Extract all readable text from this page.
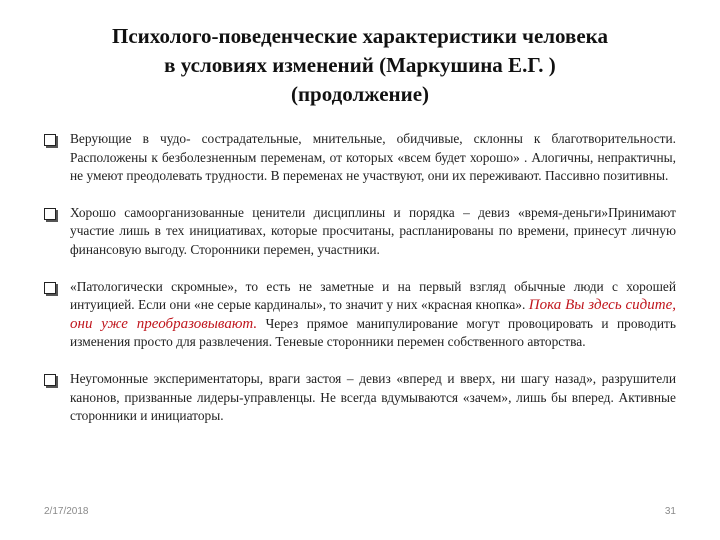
Психолого-поведенческие характеристики человека
в условиях изменений (Маркушина Е.Г. )
(продолжение)
Верующие в чудо- сострадательные, мнительные, обидчивые, склонны к благотворительности. Расположены к безболезненным переменам, от которых «всем будет хорошо» . Алогичны, непрактичны, не умеют преодолевать трудности. В переменах не участвуют, они их переживают. Пассивно позитивны.
Хорошо самоорганизованные ценители дисциплины и порядка – девиз «время-деньги»Принимают участие лишь в тех инициативах, которые просчитаны, распланированы по времени, принесут личную финансовую выгоду. Сторонники перемен, участники.
«Патологически скромные», то есть не заметные и на первый взгляд обычные люди с хорошей интуицией. Если они «не серые кардиналы», то значит у них «красная кнопка». Пока Вы здесь сидите, они уже преобразовывают. Через прямое манипулирование могут провоцировать и проводить изменения просто для развлечения. Теневые сторонники перемен собственного авторства.
Неугомонные экспериментаторы, враги застоя – девиз «вперед и вверх, ни шагу назад», разрушители канонов, призванные лидеры-управленцы. Не всегда вдумываются «зачем», лишь бы вперед. Активные сторонники и инициаторы.
2/17/2018	31
